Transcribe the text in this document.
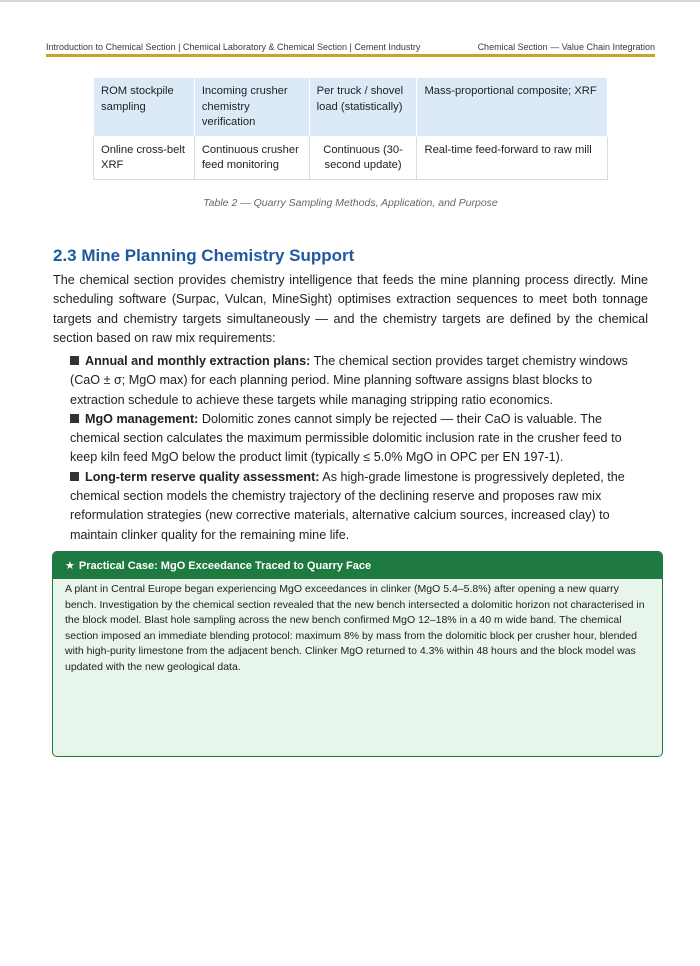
Introduction to Chemical Section | Chemical Laboratory & Chemical Section | Cement Industry	Chemical Section — Value Chain Integration
ROM stockpile sampling	Incoming crusher chemistry verification	Per truck / shovel load (statistically)	Mass-proportional composite; XRF
Online cross-belt XRF	Continuous crusher feed monitoring	Continuous (30-second update)	Real-time feed-forward to raw mill
Table 2 — Quarry Sampling Methods, Application, and Purpose
2.3 Mine Planning Chemistry Support

The chemical section provides chemistry intelligence that feeds the mine planning process directly. Mine scheduling software (Surpac, Vulcan, MineSight) optimises extraction sequences to meet both tonnage targets and chemistry targets simultaneously — and the chemistry targets are defined by the chemical section based on raw mix requirements:

Annual and monthly extraction plans: The chemical section provides target chemistry windows (CaO ± σ; MgO max) for each planning period. Mine planning software assigns blast blocks to extraction schedule to achieve these targets while managing stripping ratio economics.
MgO management: Dolomitic zones cannot simply be rejected — their CaO is valuable. The chemical section calculates the maximum permissible dolomitic inclusion rate in the crusher feed to keep kiln feed MgO below the product limit (typically ≤ 5.0% MgO in OPC per EN 197-1).
Long-term reserve quality assessment: As high-grade limestone is progressively depleted, the chemical section models the chemistry trajectory of the declining reserve and proposes raw mix reformulation strategies (new corrective materials, alternative calcium sources, increased clay) to maintain clinker quality for the remaining mine life.
★ Practical Case: MgO Exceedance Traced to Quarry Face
A plant in Central Europe began experiencing MgO exceedances in clinker (MgO 5.4–5.8%) after opening a new quarry bench. Investigation by the chemical section revealed that the new bench intersected a dolomitic horizon not characterised in the block model. Blast hole sampling across the new bench confirmed MgO 12–18% in a 40 m wide band. The chemical section imposed an immediate blending protocol: maximum 8% by mass from the dolomitic block per crusher hour, blended with high-purity limestone from the adjacent bench. Clinker MgO returned to 4.3% within 48 hours and the block model was updated with the new geological data.
